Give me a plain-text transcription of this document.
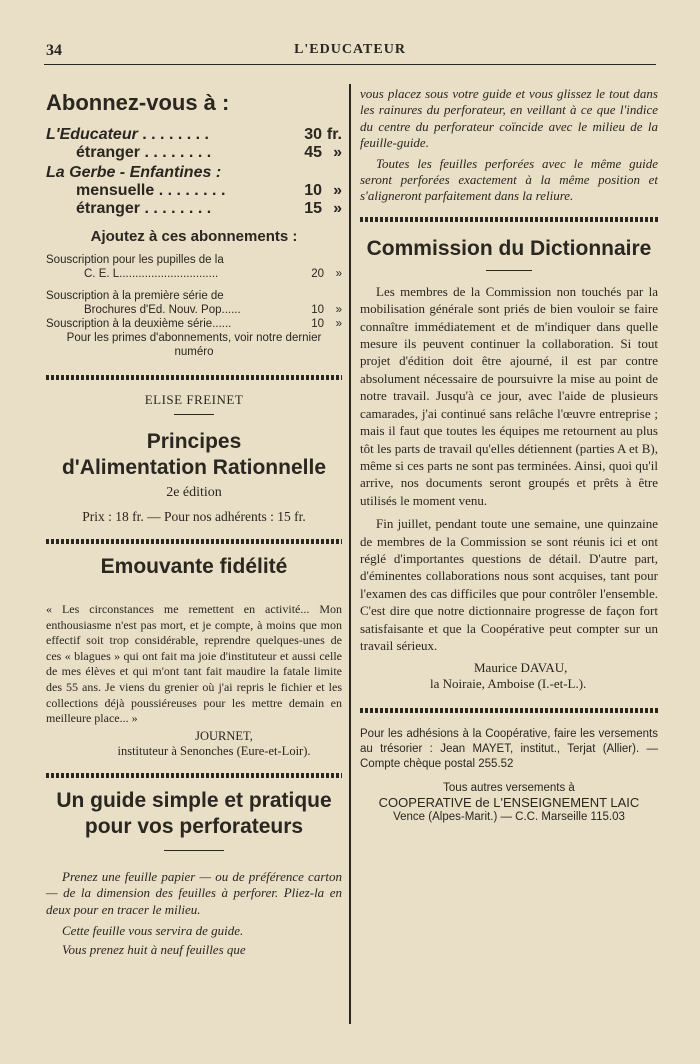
34	L'EDUCATEUR
Abonnez-vous à :
L'Educateur . . . . . . . .	30 fr.
étranger . . . . . . . .	45 »
La Gerbe - Enfantines :
mensuelle . . . . . . . .	10 »
étranger . . . . . . . .	15 »
Ajoutez à ces abonnements :
Souscription pour les pupilles de la
C. E. L...............................	20	»
Souscription à la première série de
Brochures d'Ed. Nouv. Pop......	10	»
Souscription à la deuxième série......	10	»
Pour les primes d'abonnements, voir notre dernier numéro
ELISE FREINET
Principes
d'Alimentation Rationnelle
2e édition
Prix : 18 fr. — Pour nos adhérents : 15 fr.
Emouvante fidélité
« Les circonstances me remettent en activité... Mon enthousiasme n'est pas mort, et je compte, à moins que mon effectif soit trop considérable, reprendre quelques-unes de ces « blagues » qui ont fait ma joie d'instituteur et aussi celle de mes élèves et qui m'ont tant fait maudire la fatale limite des 55 ans. Je viens du grenier où j'ai repris le fichier et les collections déjà poussiéreuses pour les mettre demain en meilleure place... »
JOURNET,
instituteur à Senonches (Eure-et-Loir).
Un guide simple et pratique
pour vos perforateurs
Prenez une feuille papier — ou de préférence carton — de la dimension des feuilles à perforer. Pliez-la en deux pour en tracer le milieu.
Cette feuille vous servira de guide.
Vous prenez huit à neuf feuilles que
vous placez sous votre guide et vous glissez le tout dans les rainures du perforateur, en veillant à ce que l'indice du centre du perforateur coïncide avec le milieu de la feuille-guide.
Toutes les feuilles perforées avec le même guide seront perforées exactement à la même position et s'aligneront parfaitement dans la reliure.
Commission du Dictionnaire
Les membres de la Commission non touchés par la mobilisation générale sont priés de bien vouloir se faire connaître immédiatement et de m'indiquer dans quelle mesure ils peuvent continuer la collaboration. Si tout projet d'édition doit être ajourné, il est par contre absolument nécessaire de poursuivre la mise au point de notre travail. Jusqu'à ce jour, avec l'aide de plusieurs camarades, j'ai continué sans relâche l'œuvre entreprise ; mais il faut que toutes les équipes me retournent au plus tôt les parts de travail qu'elles détiennent (parties A et B), même si ces parts ne sont pas terminées. Ainsi, quoi qu'il arrive, nos documents seront groupés et prêts à être utilisés le moment venu.
Fin juillet, pendant toute une semaine, une quinzaine de membres de la Commission se sont réunis ici et ont réglé d'importantes questions de détail. D'autre part, d'éminentes collaborations nous sont acquises, tant pour l'examen des cas difficiles que pour contrôler l'ensemble. C'est dire que notre dictionnaire progresse de façon fort satisfaisante et que la Coopérative peut compter sur un travail sérieux.
Maurice DAVAU,
la Noiraie, Amboise (I.-et-L.).
Pour les adhésions à la Coopérative, faire les versements au trésorier : Jean MAYET, institut., Terjat (Allier). — Compte chèque postal 255.52
Tous autres versements à
COOPERATIVE de L'ENSEIGNEMENT LAIC
Vence (Alpes-Marit.) — C.C. Marseille 115.03
